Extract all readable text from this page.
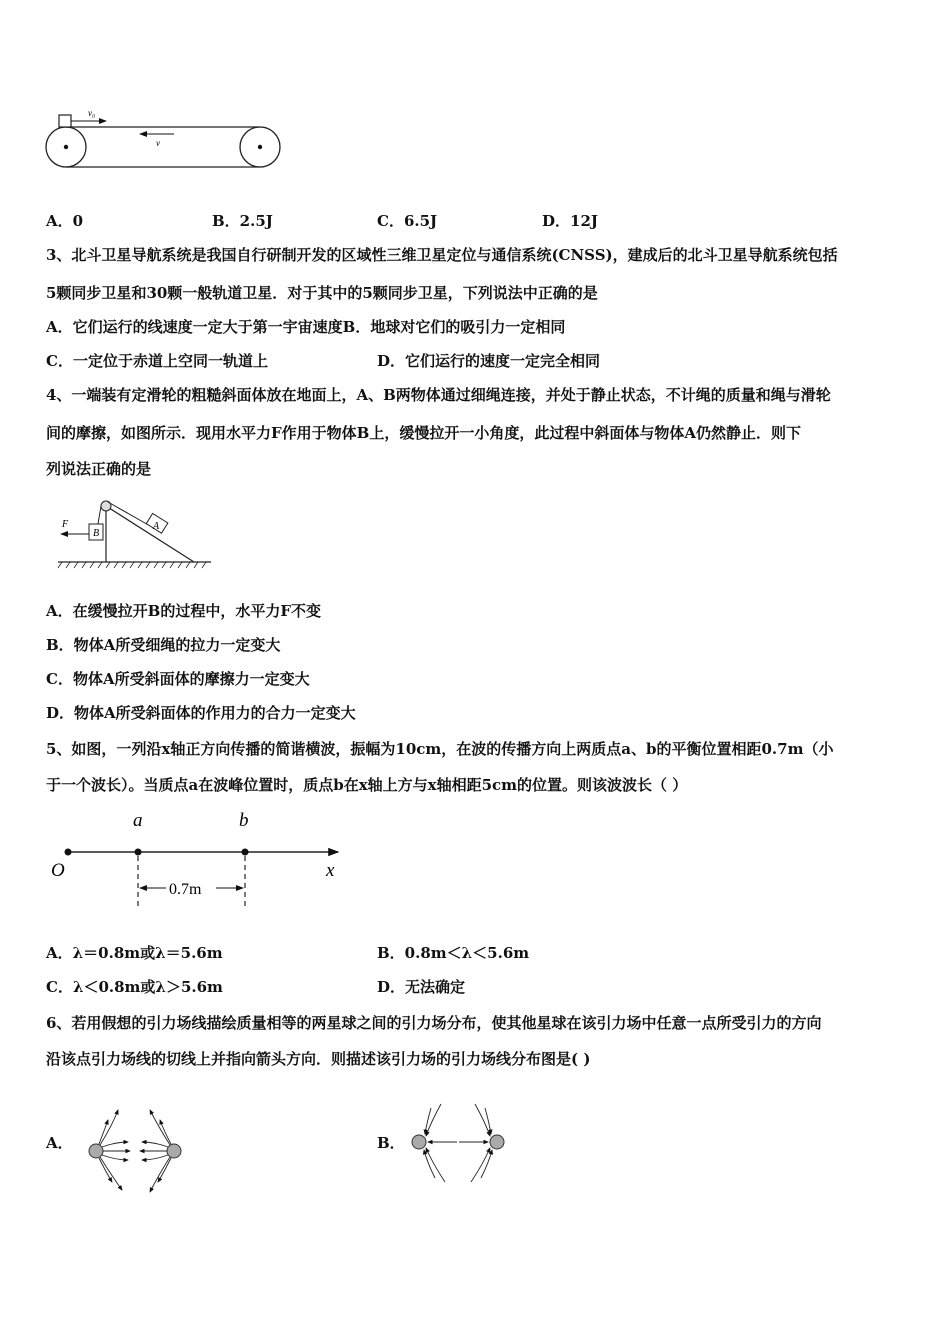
v₀
v
A．0	B．2.5J	C．6.5J	D．12J
3、北斗卫星导航系统是我国自行研制开发的区域性三维卫星定位与通信系统(CNSS)，建成后的北斗卫星导航系统包括
5颗同步卫星和30颗一般轨道卫星．对于其中的5颗同步卫星，下列说法中正确的是
A．它们运行的线速度一定大于第一宇宙速度B．地球对它们的吸引力一定相同
C．一定位于赤道上空同一轨道上	D．它们运行的速度一定完全相同
4、一端装有定滑轮的粗糙斜面体放在地面上，A、B两物体通过细绳连接，并处于静止状态，不计绳的质量和绳与滑轮
间的摩擦，如图所示．现用水平力F作用于物体B上，缓慢拉开一小角度，此过程中斜面体与物体A仍然静止．则下
列说法正确的是
A
B
F
A．在缓慢拉开B的过程中，水平力F不变
B．物体A所受细绳的拉力一定变大
C．物体A所受斜面体的摩擦力一定变大
D．物体A所受斜面体的作用力的合力一定变大
5、如图，一列沿x轴正方向传播的简谐横波，振幅为10cm，在波的传播方向上两质点a、b的平衡位置相距0.7m（小
于一个波长）。当质点a在波峰位置时，质点b在x轴上方与x轴相距5cm的位置。则该波波长（ ）
a	b
O	x
0.7m
A．λ＝0.8m或λ＝5.6m	B．0.8m＜λ＜5.6m
C．λ＜0.8m或λ＞5.6m	D．无法确定
6、若用假想的引力场线描绘质量相等的两星球之间的引力场分布，使其他星球在该引力场中任意一点所受引力的方向
沿该点引力场线的切线上并指向箭头方向．则描述该引力场的引力场线分布图是( )
A．	B．
